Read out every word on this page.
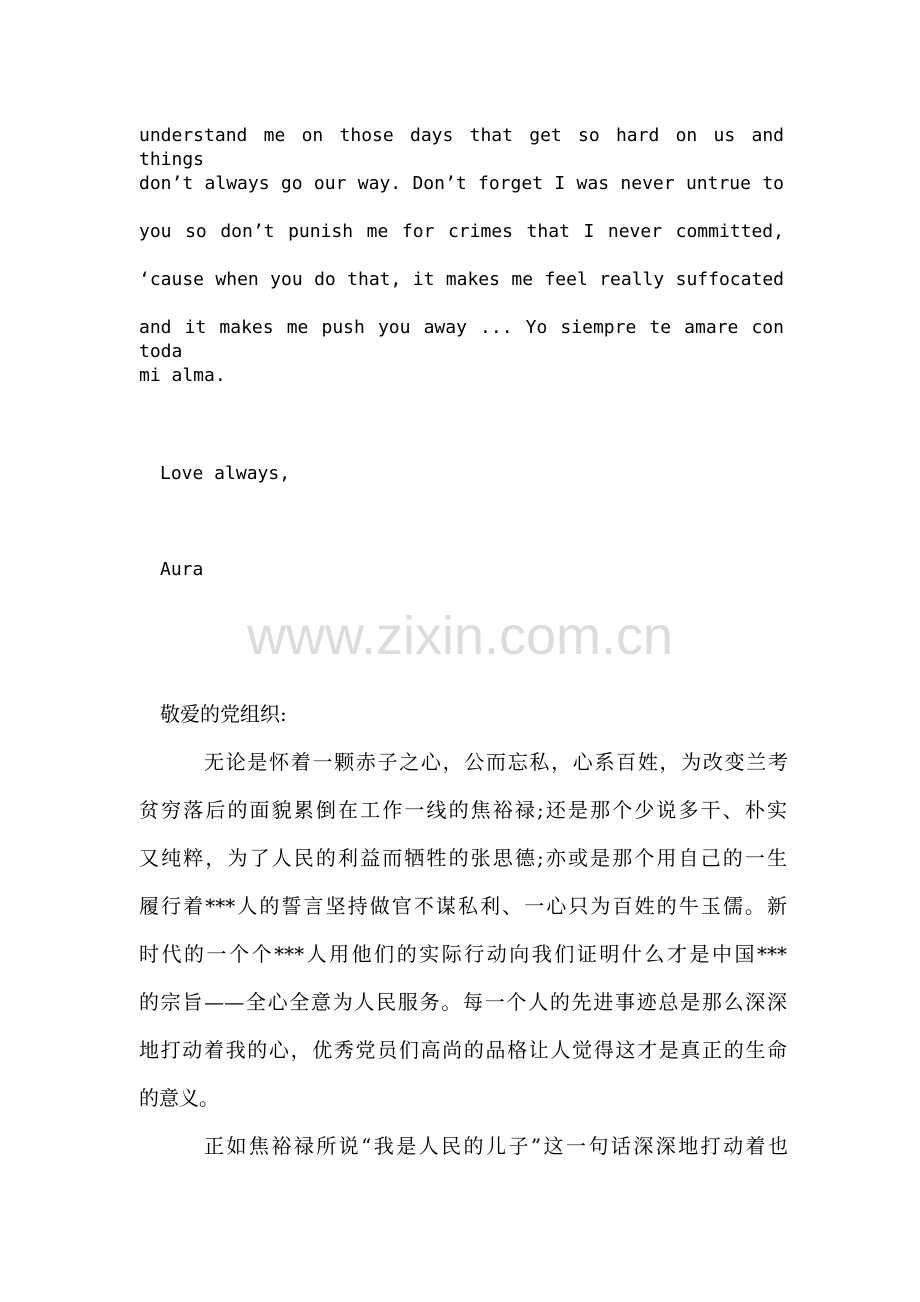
understand me on those days that get so hard on us and things

don’t always go our way. Don’t forget I was never untrue to

you so don’t punish me for crimes that I never committed,

‘cause when you do that, it makes me feel really suffocated

and it makes me push you away ... Yo siempre te amare con toda

mi alma.

Love always,

Aura

www.zixin.com.cn

敬爱的党组织:

无论是怀着一颗赤子之心，公而忘私，心系百姓，为改变兰考

贫穷落后的面貌累倒在工作一线的焦裕禄;还是那个少说多干、朴实

又纯粹，为了人民的利益而牺牲的张思德;亦或是那个用自己的一生

履行着***人的誓言坚持做官不谋私利、一心只为百姓的牛玉儒。新

时代的一个个***人用他们的实际行动向我们证明什么才是中国***

的宗旨——全心全意为人民服务。每一个人的先进事迹总是那么深深

地打动着我的心，优秀党员们高尚的品格让人觉得这才是真正的生命

的意义。

正如焦裕禄所说“我是人民的儿子”这一句话深深地打动着也
